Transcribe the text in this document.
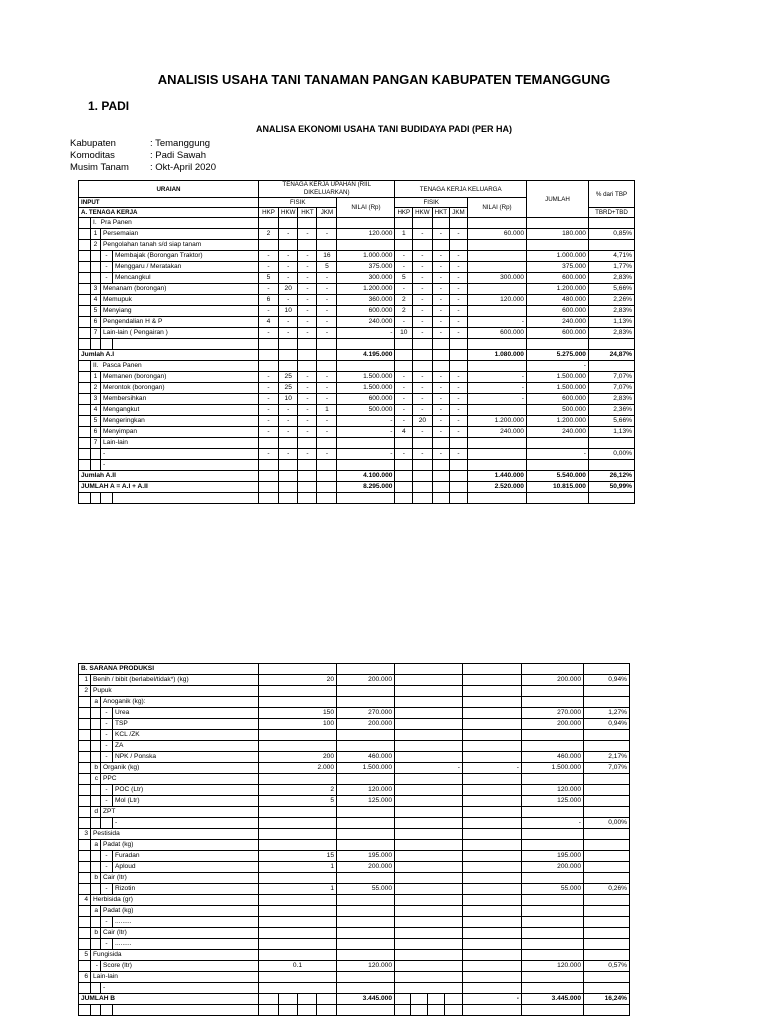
ANALISIS USAHA TANI TANAMAN PANGAN KABUPATEN TEMANGGUNG
1. PADI
ANALISA EKONOMI USAHA TANI BUDIDAYA PADI (PER HA)
Kabupaten	: Temanggung
Komoditas	: Padi Sawah
Musim Tanam : Okt-April 2020
URAIAN				TENAGA KERJA UPAHAN (RIIL DIKELUARKAN)					TENAGA KERJA KELUARGA					JUMLAH	% dari TBP

INPUT				FISIK				NILAI (Rp)	FISIK				NILAI (Rp)		
A. TENAGA KERJA				HKP	HKW	HKT	JKM		HKP	HKW	HKT	JKM			TBRD+TBD
	I. Pra Panen														
	1	Persemaian		2	-	-	-	120.000	1	-	-	-	60.000	180.000	0,85%
	2	Pengolahan tanah s/d siap tanam													
		-	Membajak (Borongan Traktor)	-	-	-	16	1.000.000	-	-	-	-		1.000.000	4,71%
		-	Menggaru / Meratakan	-	-	-	5	375.000	-	-	-	-		375.000	1,77%
		-	Mencangkul	5	-	-	-	300.000	5	-	-	-	300.000	600.000	2,83%
	3	Menanam (borongan)		-	20	-	-	1.200.000	-	-	-	-		1.200.000	5,66%
	4	Memupuk		6	-	-	-	360.000	2	-	-	-	120.000	480.000	2,26%
	5	Menyiang		-	10	-	-	600.000	2	-	-	-		600.000	2,83%
	6	Pengendalian H & P		4	-	-	-	240.000	-	-	-	-	-	240.000	1,13%
	7	Lain-lain ( Pengairan )		-	-	-	-	-	10	-	-	-	600.000	600.000	2,83%

Jumlah A.I								4.195.000					1.080.000	5.275.000	24,87%
	II. Pasca Panen													-	
	1	Memanen (borongan)		-	25	-	-	1.500.000	-	-	-	-	-	1.500.000	7,07%
	2	Merontok (borongan)		-	25	-	-	1.500.000	-	-	-	-	-	1.500.000	7,07%
	3	Membersihkan		-	10	-	-	600.000	-	-	-	-	-	600.000	2,83%
	4	Mengangkut		-	-	-	1	500.000	-	-	-	-		500.000	2,36%
	5	Mengeringkan		-	-	-	-	-	-	20	-	-	1.200.000	1.200.000	5,66%
	6	Menyimpan		-	-	-	-	-	4	-	-	-	240.000	240.000	1,13%
	7	Lain-lain													
		-		-	-	-	-	-	-	-	-	-		-	0,00%
		-													
Jumlah A.II								4.100.000					1.440.000	5.540.000	26,12%
JUMLAH A = A.I + A.II								8.295.000					2.520.000	10.815.000	50,99%

B. SARANA PRODUKSI															
1	Benih / bibit (berlabel/tidak*) (kg)			20				200.000						200.000	0,94%
2	Pupuk														
	a	Anoganik (kg):													
		-	Urea	150				270.000						270.000	1,27%
		-	TSP	100				200.000						200.000	0,94%
		-	KCL /ZK												
		-	ZA												
		-	NPK / Ponska	200				460.000						460.000	2,17%
	b	Organik (kg)		2.000				1.500.000	-				-	1.500.000	7,07%
	c	PPC													
		-	POC (Ltr)	2				120.000						120.000	
		-	Mol (Ltr)	5				125.000						125.000	
	d	ZPT													
			-											-	0,00%
3	Pestisida														
	a	Padat (kg)													
		-	Furadan	15				195.000						195.000	
		-	Aploud	1				200.000						200.000	
	b	Cair (ltr)													
		-	Rizotin	1				55.000						55.000	0,26%
4	Herbisida (gr)														
	a	Padat (kg)													
		-	.........												
	b	Cair (ltr)													
		-	.........												
5	Fungisida														
	-	Score (ltr)		0.1				120.000						120.000	0,57%
6	Lain-lain														
		-													
JUMLAH B								3.445.000					-	3.445.000	16,24%
